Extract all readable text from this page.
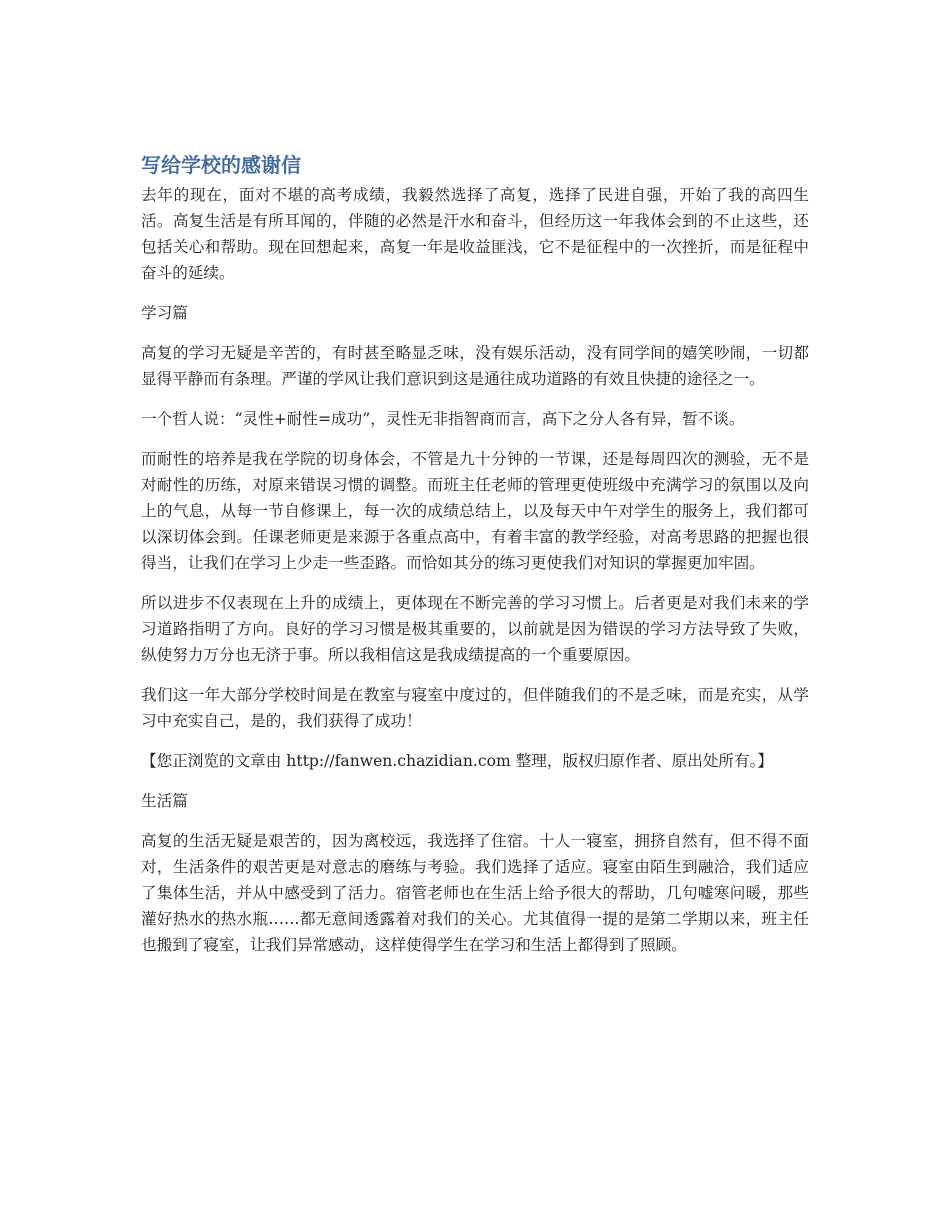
写给学校的感谢信

去年的现在，面对不堪的高考成绩，我毅然选择了高复，选择了民进自强，开始了我的高四生活。高复生活是有所耳闻的，伴随的必然是汗水和奋斗，但经历这一年我体会到的不止这些，还包括关心和帮助。现在回想起来，高复一年是收益匪浅，它不是征程中的一次挫折，而是征程中奋斗的延续。

学习篇

高复的学习无疑是辛苦的，有时甚至略显乏味，没有娱乐活动，没有同学间的嬉笑吵闹，一切都显得平静而有条理。严谨的学风让我们意识到这是通往成功道路的有效且快捷的途径之一。

一个哲人说：“灵性+耐性=成功”，灵性无非指智商而言，高下之分人各有异，暂不谈。

而耐性的培养是我在学院的切身体会，不管是九十分钟的一节课，还是每周四次的测验，无不是对耐性的历练，对原来错误习惯的调整。而班主任老师的管理更使班级中充满学习的氛围以及向上的气息，从每一节自修课上，每一次的成绩总结上，以及每天中午对学生的服务上，我们都可以深切体会到。任课老师更是来源于各重点高中，有着丰富的教学经验，对高考思路的把握也很得当，让我们在学习上少走一些歪路。而恰如其分的练习更使我们对知识的掌握更加牢固。

所以进步不仅表现在上升的成绩上，更体现在不断完善的学习习惯上。后者更是对我们未来的学习道路指明了方向。良好的学习习惯是极其重要的，以前就是因为错误的学习方法导致了失败，纵使努力万分也无济于事。所以我相信这是我成绩提高的一个重要原因。

我们这一年大部分学校时间是在教室与寝室中度过的，但伴随我们的不是乏味，而是充实，从学习中充实自己，是的，我们获得了成功！

【您正浏览的文章由 http://fanwen.chazidian.com 整理，版权归原作者、原出处所有。】

生活篇

高复的生活无疑是艰苦的，因为离校远，我选择了住宿。十人一寝室，拥挤自然有，但不得不面对，生活条件的艰苦更是对意志的磨练与考验。我们选择了适应。寝室由陌生到融洽，我们适应了集体生活，并从中感受到了活力。宿管老师也在生活上给予很大的帮助，几句嘘寒问暖，那些灌好热水的热水瓶……都无意间透露着对我们的关心。尤其值得一提的是第二学期以来，班主任也搬到了寝室，让我们异常感动，这样使得学生在学习和生活上都得到了照顾。
